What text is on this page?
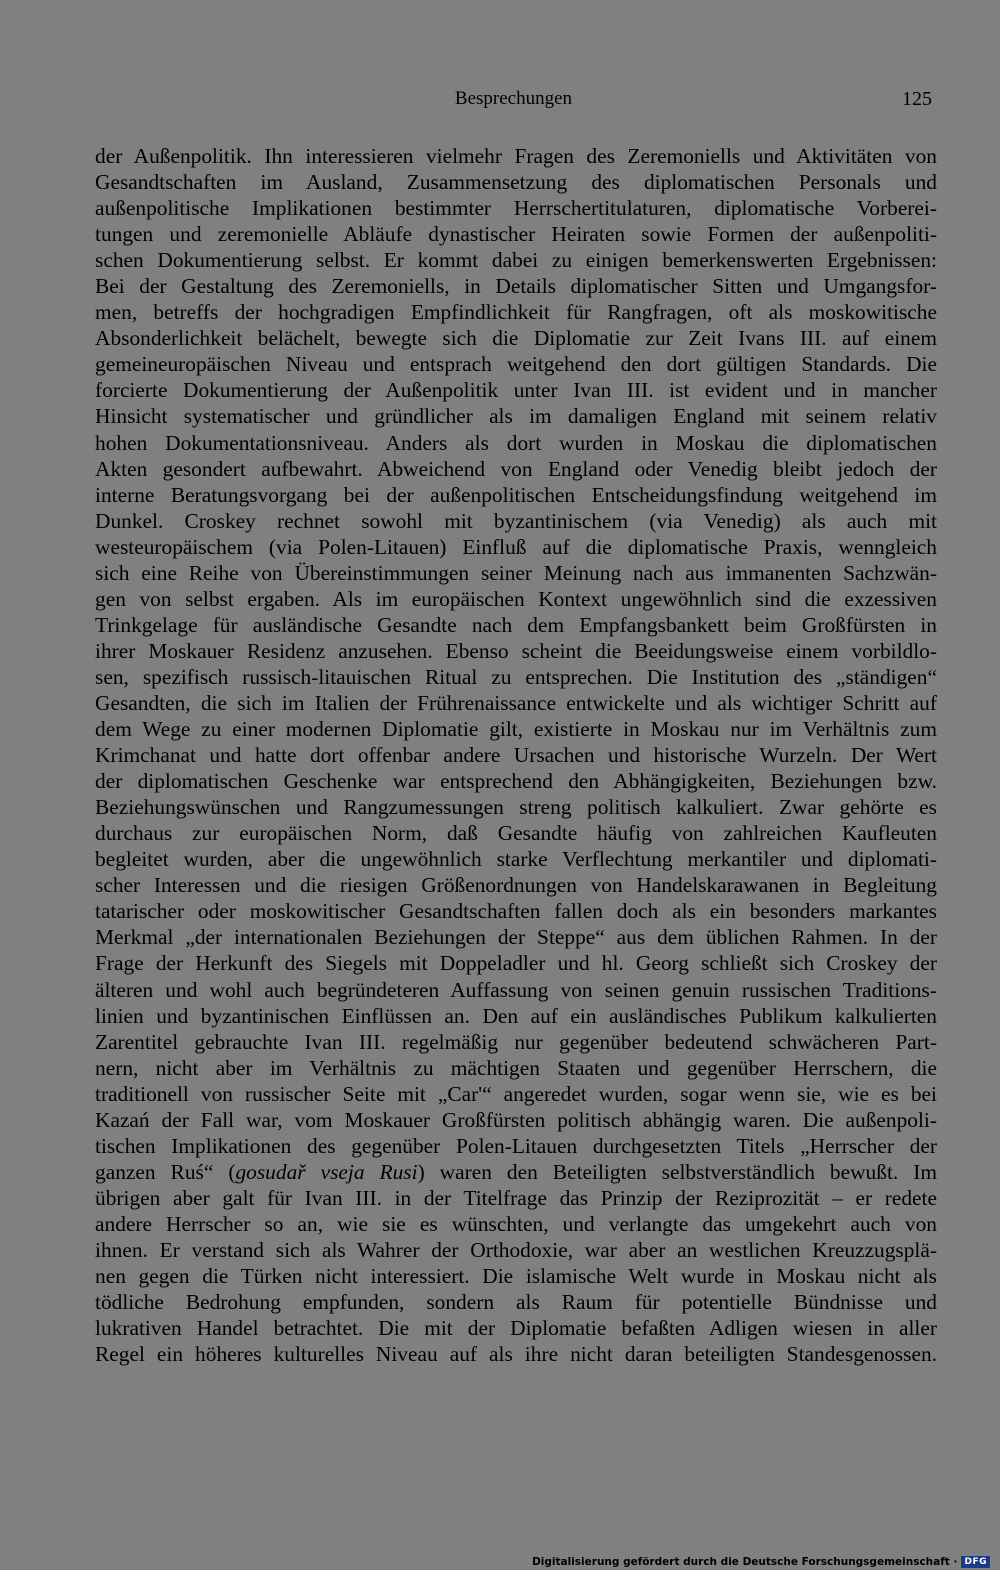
Besprechungen	125
der Außenpolitik. Ihn interessieren vielmehr Fragen des Zeremoniells und Aktivitäten von
Gesandtschaften im Ausland, Zusammensetzung des diplomatischen Personals und
außenpolitische Implikationen bestimmter Herrschertitulaturen, diplomatische Vorberei-
tungen und zeremonielle Abläufe dynastischer Heiraten sowie Formen der außenpoliti-
schen Dokumentierung selbst. Er kommt dabei zu einigen bemerkenswerten Ergebnissen:
Bei der Gestaltung des Zeremoniells, in Details diplomatischer Sitten und Umgangsfor-
men, betreffs der hochgradigen Empfindlichkeit für Rangfragen, oft als moskowitische
Absonderlichkeit belächelt, bewegte sich die Diplomatie zur Zeit Ivans III. auf einem
gemeineuropäischen Niveau und entsprach weitgehend den dort gültigen Standards. Die
forcierte Dokumentierung der Außenpolitik unter Ivan III. ist evident und in mancher
Hinsicht systematischer und gründlicher als im damaligen England mit seinem relativ
hohen Dokumentationsniveau. Anders als dort wurden in Moskau die diplomatischen
Akten gesondert aufbewahrt. Abweichend von England oder Venedig bleibt jedoch der
interne Beratungsvorgang bei der außenpolitischen Entscheidungsfindung weitgehend im
Dunkel. Croskey rechnet sowohl mit byzantinischem (via Venedig) als auch mit
westeuropäischem (via Polen-Litauen) Einfluß auf die diplomatische Praxis, wenngleich
sich eine Reihe von Übereinstimmungen seiner Meinung nach aus immanenten Sachzwän-
gen von selbst ergaben. Als im europäischen Kontext ungewöhnlich sind die exzessiven
Trinkgelage für ausländische Gesandte nach dem Empfangsbankett beim Großfürsten in
ihrer Moskauer Residenz anzusehen. Ebenso scheint die Beeidungsweise einem vorbildlo-
sen, spezifisch russisch-litauischen Ritual zu entsprechen. Die Institution des „ständigen“
Gesandten, die sich im Italien der Frührenaissance entwickelte und als wichtiger Schritt auf
dem Wege zu einer modernen Diplomatie gilt, existierte in Moskau nur im Verhältnis zum
Krimchanat und hatte dort offenbar andere Ursachen und historische Wurzeln. Der Wert
der diplomatischen Geschenke war entsprechend den Abhängigkeiten, Beziehungen bzw.
Beziehungswünschen und Rangzumessungen streng politisch kalkuliert. Zwar gehörte es
durchaus zur europäischen Norm, daß Gesandte häufig von zahlreichen Kaufleuten
begleitet wurden, aber die ungewöhnlich starke Verflechtung merkantiler und diplomati-
scher Interessen und die riesigen Größenordnungen von Handelskarawanen in Begleitung
tatarischer oder moskowitischer Gesandtschaften fallen doch als ein besonders markantes
Merkmal „der internationalen Beziehungen der Steppe“ aus dem üblichen Rahmen. In der
Frage der Herkunft des Siegels mit Doppeladler und hl. Georg schließt sich Croskey der
älteren und wohl auch begründeteren Auffassung von seinen genuin russischen Traditions-
linien und byzantinischen Einflüssen an. Den auf ein ausländisches Publikum kalkulierten
Zarentitel gebrauchte Ivan III. regelmäßig nur gegenüber bedeutend schwächeren Part-
nern, nicht aber im Verhältnis zu mächtigen Staaten und gegenüber Herrschern, die
traditionell von russischer Seite mit „Car'“ angeredet wurden, sogar wenn sie, wie es bei
Kazań der Fall war, vom Moskauer Großfürsten politisch abhängig waren. Die außenpoli-
tischen Implikationen des gegenüber Polen-Litauen durchgesetzten Titels „Herrscher der
ganzen Ruś“ (gosudař vseja Rusi) waren den Beteiligten selbstverständlich bewußt. Im
übrigen aber galt für Ivan III. in der Titelfrage das Prinzip der Reziprozität – er redete
andere Herrscher so an, wie sie es wünschten, und verlangte das umgekehrt auch von
ihnen. Er verstand sich als Wahrer der Orthodoxie, war aber an westlichen Kreuzzugsplä-
nen gegen die Türken nicht interessiert. Die islamische Welt wurde in Moskau nicht als
tödliche Bedrohung empfunden, sondern als Raum für potentielle Bündnisse und
lukrativen Handel betrachtet. Die mit der Diplomatie befaßten Adligen wiesen in aller
Regel ein höheres kulturelles Niveau auf als ihre nicht daran beteiligten Standesgenossen.
Digitalisierung gefördert durch die Deutsche Forschungsgemeinschaft · DFG
